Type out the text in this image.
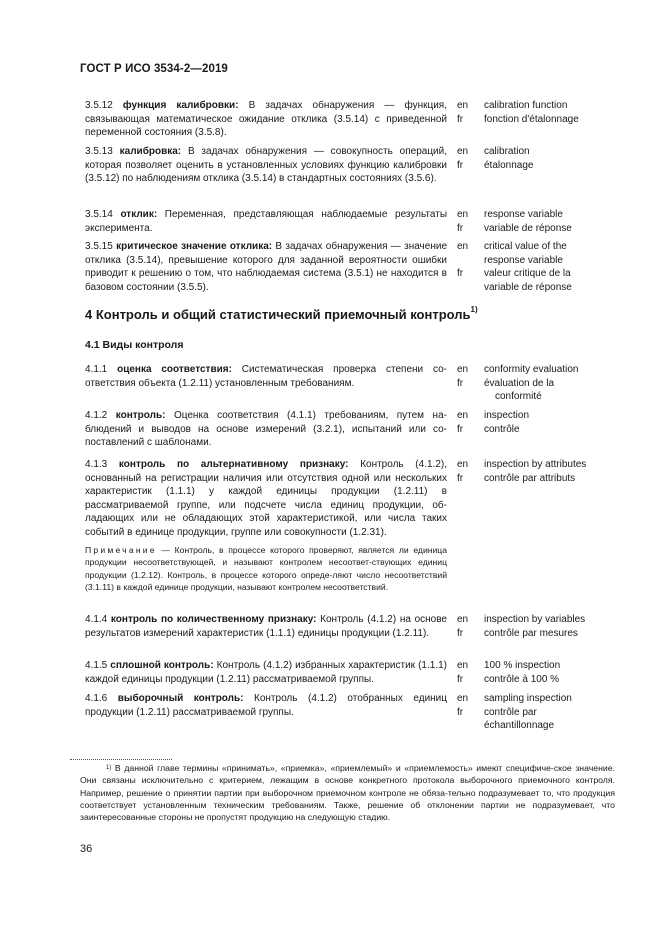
ГОСТ Р ИСО 3534-2—2019
3.5.12 функция калибровки: В задачах обнаружения — функция, связывающая математическое ожидание отклика (3.5.14) с приведенной переменной состояния (3.5.8).
en
fr
calibration function
fonction d'étalonnage
3.5.13 калибровка: В задачах обнаружения — совокупность операций, которая позволяет оценить в установленных условиях функцию калибровки (3.5.12) по наблюдениям отклика (3.5.14) в стандартных состояниях (3.5.6).
en
fr
calibration
étalonnage
3.5.14 отклик: Переменная, представляющая наблюдаемые результаты эксперимента.
en
fr
response variable
variable de réponse
3.5.15 критическое значение отклика: В задачах обнаружения — значение отклика (3.5.14), превышение которого для заданной вероятности ошибки приводит к решению о том, что наблюдаемая система (3.5.1) не находится в базовом состоянии (3.5.5).
en

fr
critical value of the
response variable
valeur critique de la
variable de réponse
4 Контроль и общий статистический приемочный контроль$^{1)}$
4.1 Виды контроля
4.1.1 оценка соответствия: Систематическая проверка степени соответствия объекта (1.2.11) установленным требованиям.
en
fr
conformity evaluation
évaluation de la
conformité
4.1.2 контроль: Оценка соответствия (4.1.1) требованиям, путем наблюдений и выводов на основе измерений (3.2.1), испытаний или сопоставлений с шаблонами.
en
fr
inspection
contrôle
4.1.3 контроль по альтернативному признаку: Контроль (4.1.2), основанный на регистрации наличия или отсутствия одной или нескольких характеристик (1.1.1) у каждой единицы продукции (1.2.11) в рассматриваемой группе, или подсчете числа единиц продукции, обладающих или не обладающих этой характеристикой, или числа таких событий в единице продукции, группе или совокупности (1.2.31).
en
fr
inspection by attributes
contrôle par attributs
Примечание — Контроль, в процессе которого проверяют, является ли единица продукции несоответствующей, и называют контролем несоответ-ствующих единиц продукции (1.2.12). Контроль, в процессе которого опреде-ляют число несоответствий (3.1.11) в каждой единице продукции, называют контролем несоответствий.
4.1.4 контроль по количественному признаку: Контроль (4.1.2) на основе результатов измерений характеристик (1.1.1) единицы продукции (1.2.11).
en
fr
inspection by variables
contrôle par mesures
4.1.5 сплошной контроль: Контроль (4.1.2) избранных характеристик (1.1.1) каждой единицы продукции (1.2.11) рассматриваемой группы.
en
fr
100 % inspection
contrôle à 100 %
4.1.6 выборочный контроль: Контроль (4.1.2) отобранных единиц продукции (1.2.11) рассматриваемой группы.
en
fr
sampling inspection
contrôle par
échantillonnage
$^{1)}$ В данной главе термины «принимать», «приемка», «приемлемый» и «приемлемость» имеют специфиче-ское значение. Они связаны исключительно с критерием, лежащим в основе конкретного протокола выборочного приемочного контроля. Например, решение о принятии партии при выборочном приемочном контроле не обяза-тельно подразумевает то, что продукция соответствует установленным техническим требованиям. Также, решение об отклонении партии не подразумевает, что заинтересованные стороны не пропустят продукцию на следующую стадию.
36
